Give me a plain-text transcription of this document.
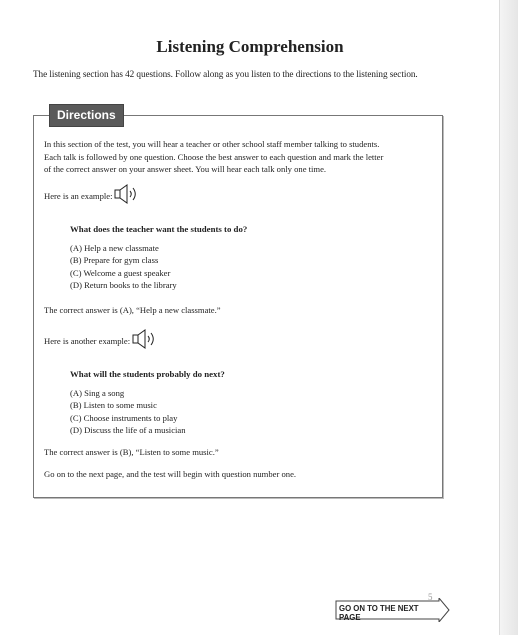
Listening Comprehension
The listening section has 42 questions. Follow along as you listen to the directions to the listening section.
Directions
In this section of the test, you will hear a teacher or other school staff member talking to students.
Each talk is followed by one question. Choose the best answer to each question and mark the letter
of the correct answer on your answer sheet. You will hear each talk only one time.
Here is an example:
What does the teacher want the students to do?
(A) Help a new classmate
(B) Prepare for gym class
(C) Welcome a guest speaker
(D) Return books to the library
The correct answer is (A), “Help a new classmate.”
Here is another example:
What will the students probably do next?
(A) Sing a song
(B) Listen to some music
(C) Choose instruments to play
(D) Discuss the life of a musician
The correct answer is (B), “Listen to some music.”
Go on to the next page, and the test will begin with question number one.
5
GO ON TO THE NEXT PAGE
